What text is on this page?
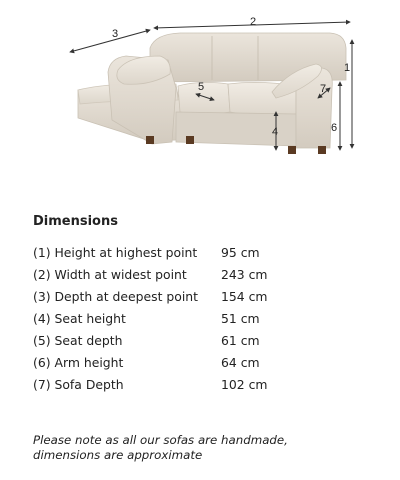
1
2
3
4
5
6
7
Dimensions
(1) Height at highest point 95 cm
(2) Width at widest point	243 cm
(3) Depth at deepest point 154 cm
(4) Seat height	51 cm
(5) Seat depth	61 cm
(6) Arm height	64 cm
(7) Sofa Depth	102 cm
Please note as all our sofas are handmade,
dimensions are approximate
